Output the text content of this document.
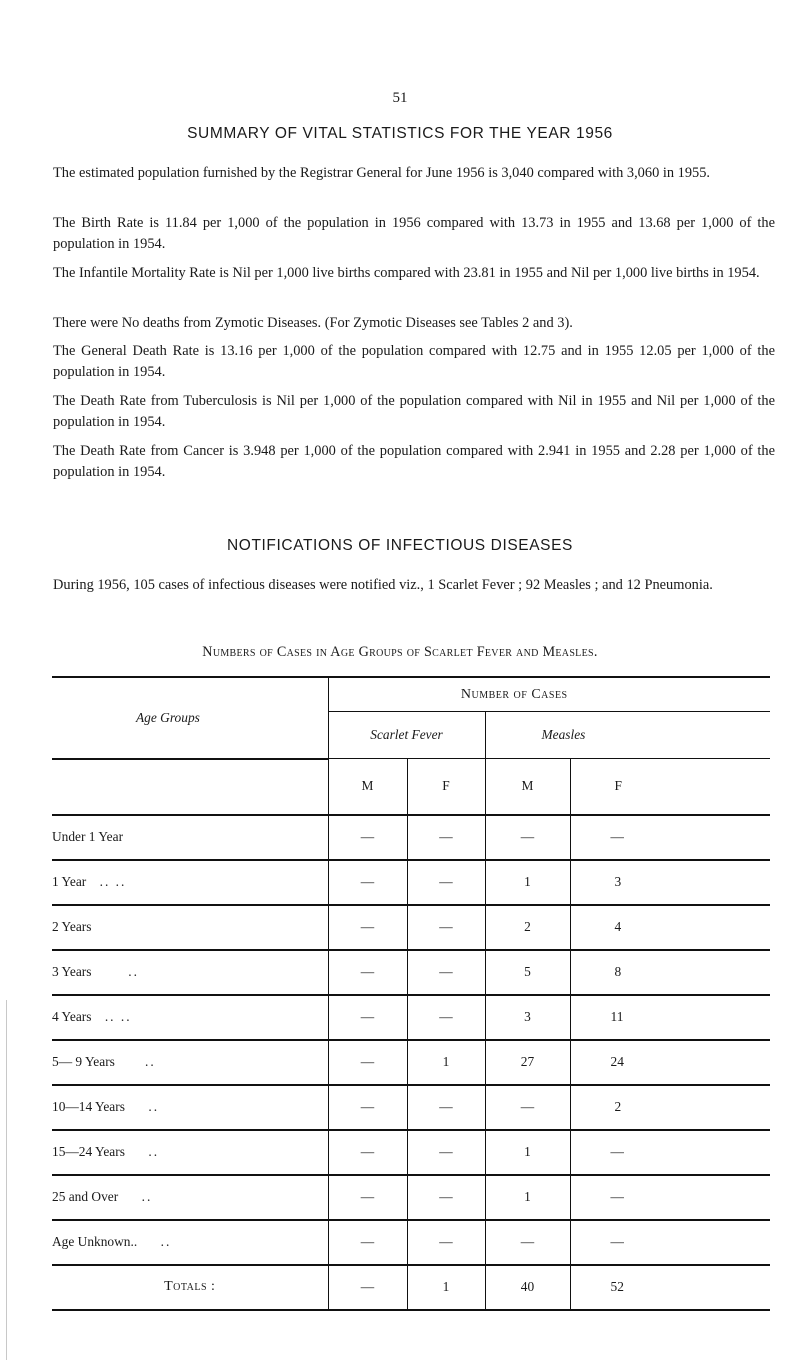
51
SUMMARY OF VITAL STATISTICS FOR THE YEAR 1956

The estimated population furnished by the Registrar General for June 1956 is 3,040 compared with 3,060 in 1955.

The Birth Rate is 11.84 per 1,000 of the population in 1956 compared with 13.73 in 1955 and 13.68 per 1,000 of the population in 1954.

The Infantile Mortality Rate is Nil per 1,000 live births compared with 23.81 in 1955 and Nil per 1,000 live births in 1954.

There were No deaths from Zymotic Diseases. (For Zymotic Diseases see Tables 2 and 3).

The General Death Rate is 13.16 per 1,000 of the population compared with 12.75 and in 1955 12.05 per 1,000 of the population in 1954.

The Death Rate from Tuberculosis is Nil per 1,000 of the population compared with Nil in 1955 and Nil per 1,000 of the population in 1954.

The Death Rate from Cancer is 3.948 per 1,000 of the population compared with 2.941 in 1955 and 2.28 per 1,000 of the population in 1954.

NOTIFICATIONS OF INFECTIOUS DISEASES

During 1956, 105 cases of infectious diseases were notified viz., 1 Scarlet Fever ; 92 Measles ; and 12 Pneumonia.

Numbers of Cases in Age Groups of Scarlet Fever and Measles.

Age Groups	Number of Cases			
	Scarlet Fever		Measles	
	M	F	M	F
Under 1 Year	—	—	—	—
1 Year .. ..	—	—	1	3
2 Years	—	—	2	4
3 Years ..	—	—	5	8
4 Years .. ..	—	—	3	11
5— 9 Years ..	—	1	27	24
10—14 Years ..	—	—	—	2
15—24 Years ..	—	—	1	—
25 and Over ..	—	—	1	—
Age Unknown.. ..	—	—	—	—
Totals :	—	1	40	52
